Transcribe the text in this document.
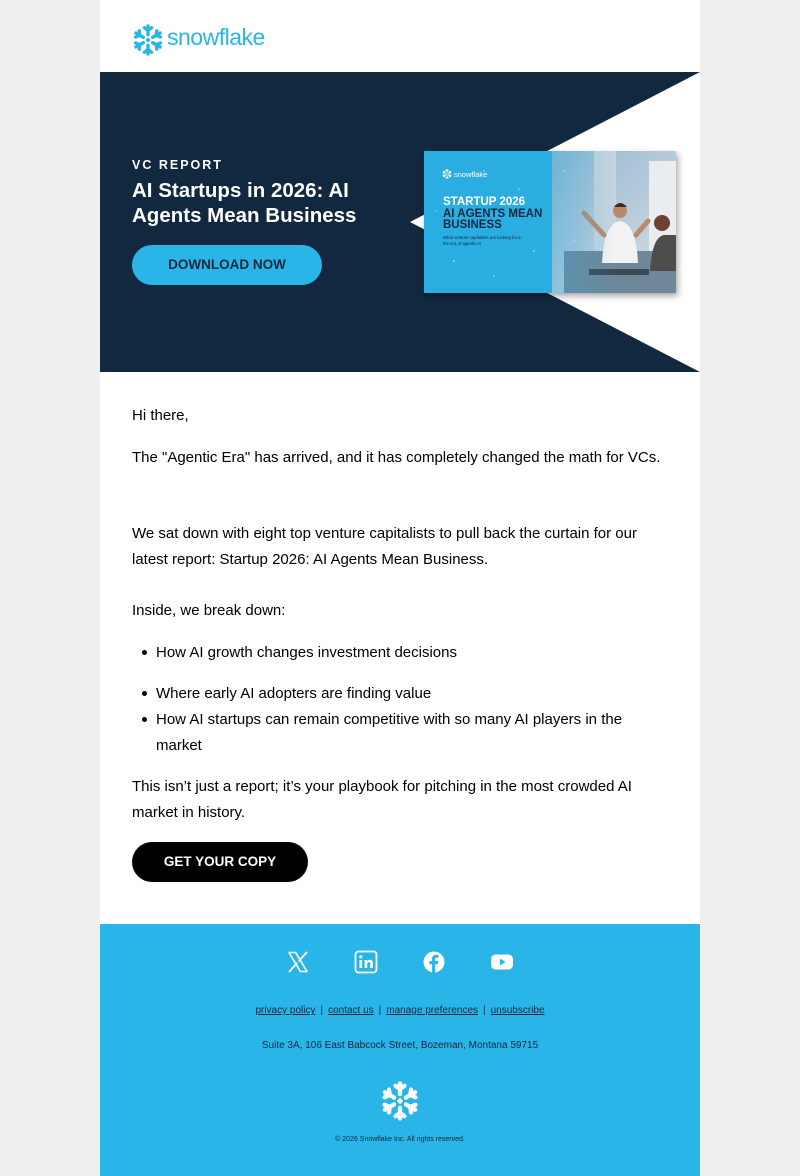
snowflake
VC REPORT
AI Startups in 2026: AI Agents Mean Business
DOWNLOAD NOW
snowflake
STARTUP 2026
AI AGENTS MEAN BUSINESS
What venture capitalists are looking for in the era of agentic AI

Hi there,

The "Agentic Era" has arrived, and it has completely changed the math for VCs.

We sat down with eight top venture capitalists to pull back the curtain for our latest report: Startup 2026: AI Agents Mean Business.

Inside, we break down:

How AI growth changes investment decisions
Where early AI adopters are finding value
How AI startups can remain competitive with so many AI players in the market

This isn’t just a report; it’s your playbook for pitching in the most crowded AI market in history.

GET YOUR COPY
privacy policy | contact us | manage preferences | unsubscribe
Suite 3A, 106 East Babcock Street, Bozeman, Montana 59715
© 2026 Snowflake Inc. All rights reserved.
